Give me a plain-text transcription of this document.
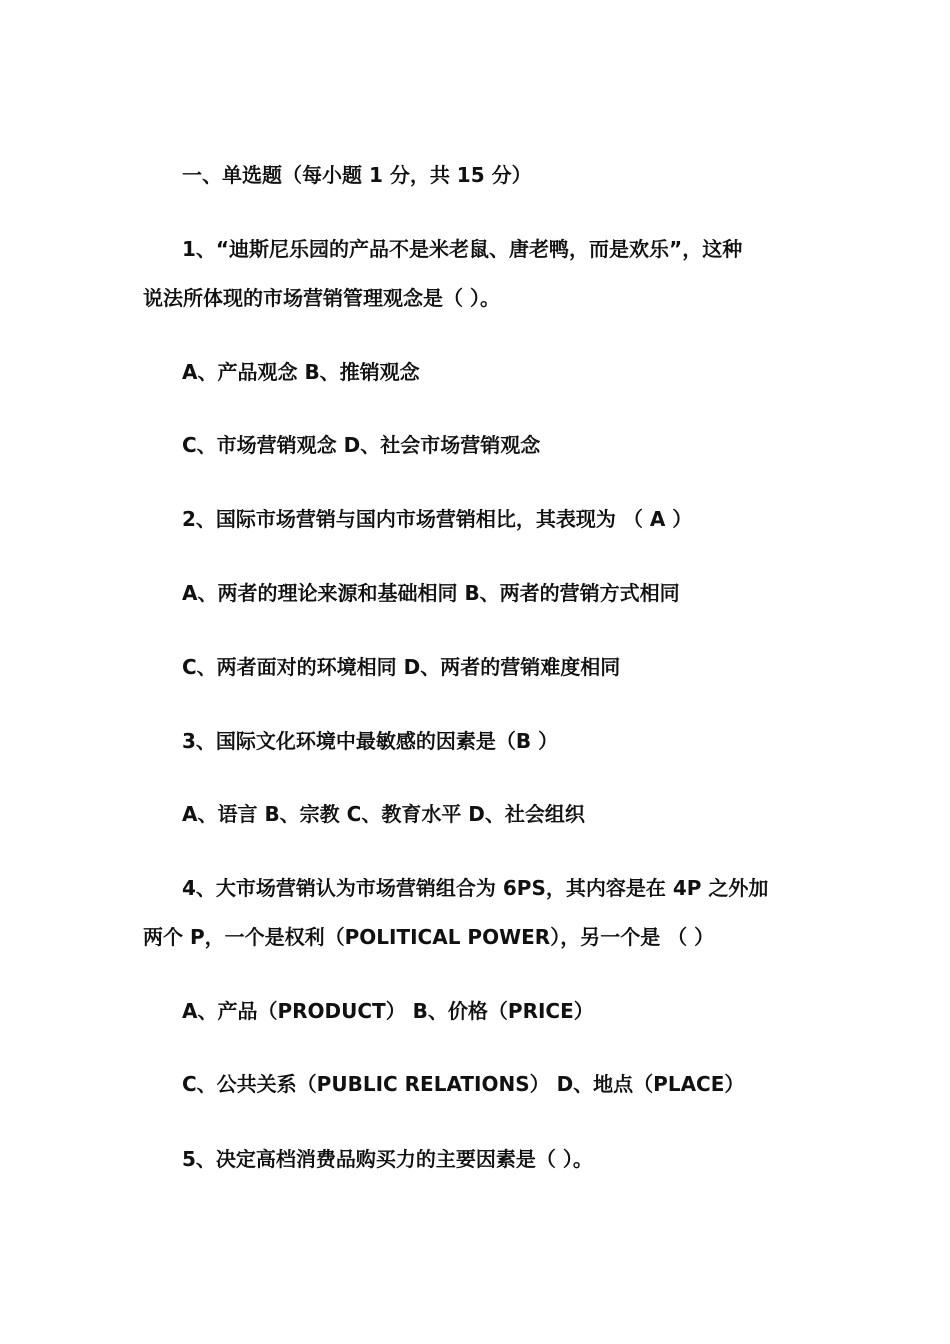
一、单选题（每小题 1 分，共 15 分）
1、“迪斯尼乐园的产品不是米老鼠、唐老鸭，而是欢乐”，这种
说法所体现的市场营销管理观念是（ ）。
A、产品观念 B、推销观念
C、市场营销观念 D、社会市场营销观念
2、国际市场营销与国内市场营销相比，其表现为 （ A ）
A、两者的理论来源和基础相同 B、两者的营销方式相同
C、两者面对的环境相同 D、两者的营销难度相同
3、国际文化环境中最敏感的因素是（B ）
A、语言 B、宗教 C、教育水平 D、社会组织
4、大市场营销认为市场营销组合为 6PS，其内容是在 4P 之外加
两个 P，一个是权利（POLITICAL POWER），另一个是 （ ）
A、产品（PRODUCT） B、价格（PRICE）
C、公共关系（PUBLIC RELATIONS） D、地点（PLACE）
5、决定高档消费品购买力的主要因素是（ ）。
